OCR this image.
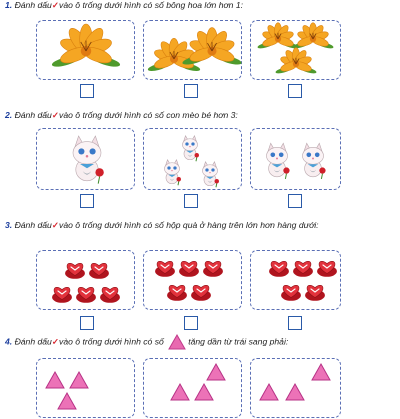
1. Đánh dấu✓vào ô trống dưới hình có số bông hoa lớn hơn 1:
2. Đánh dấu✓vào ô trống dưới hình có số con mèo bé hơn 3:
3. Đánh dấu✓vào ô trống dưới hình có số hộp quà ở hàng trên lớn hơn hàng dưới:
4. Đánh dấu✓vào ô trống dưới hình có số	tăng dần từ trái sang phải:
